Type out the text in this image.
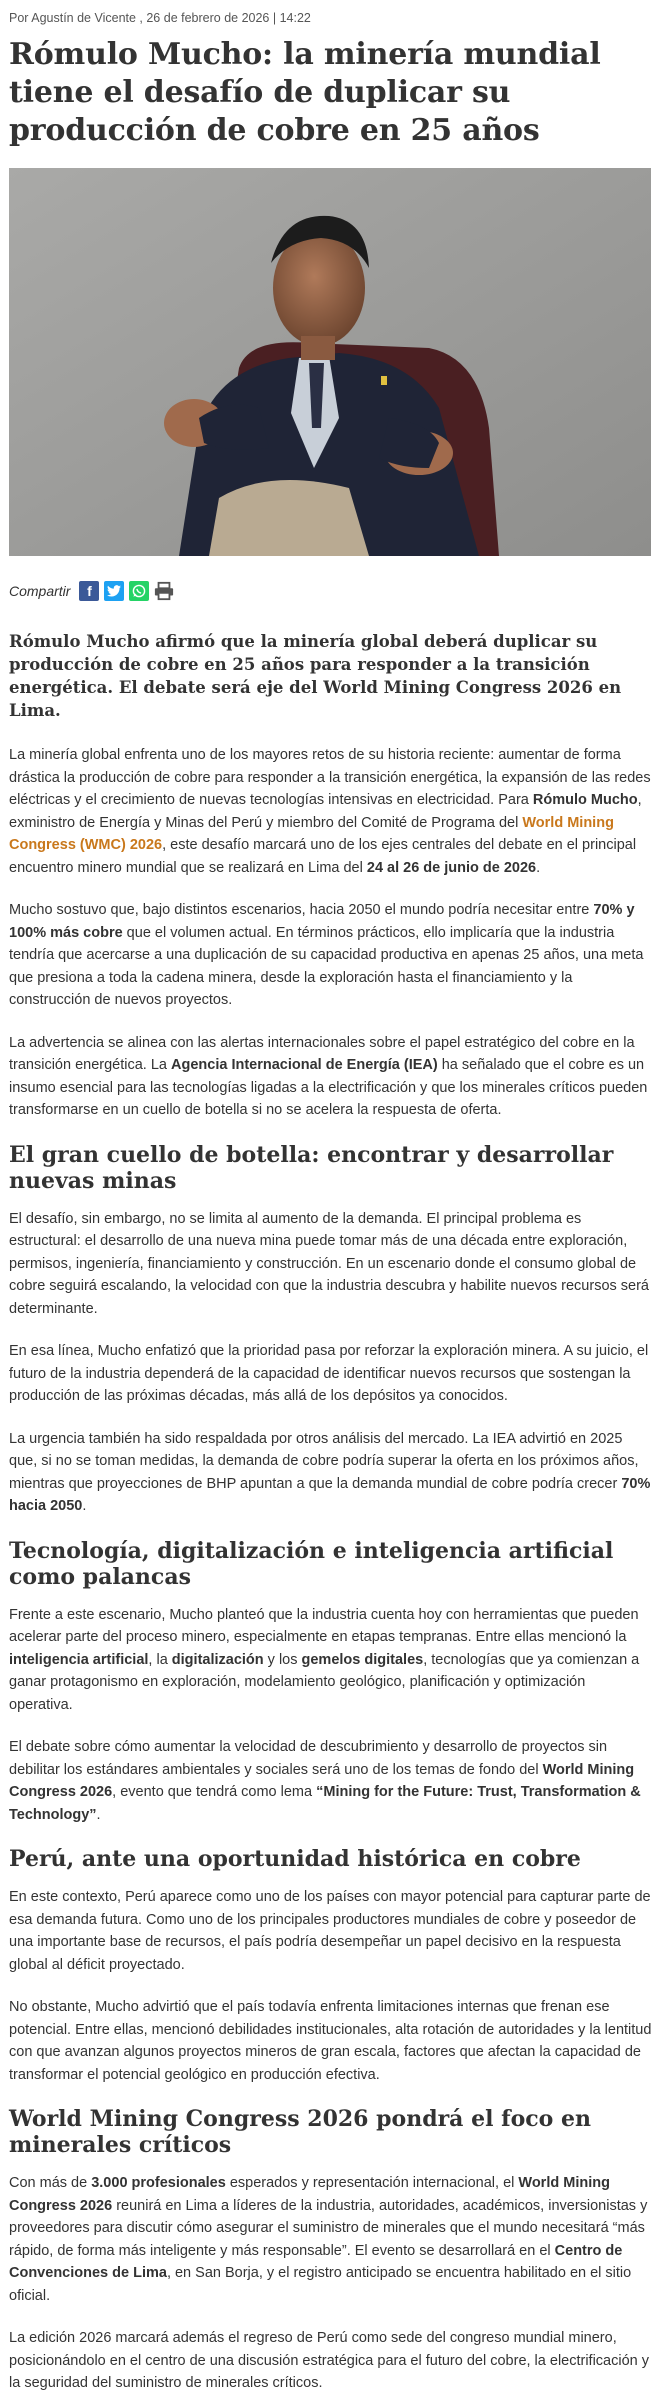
Por Agustín de Vicente , 26 de febrero de 2026 | 14:22
Rómulo Mucho: la minería mundial tiene el desafío de duplicar su producción de cobre en 25 años
Compartir	f

Rómulo Mucho afirmó que la minería global deberá duplicar su producción de cobre en 25 años para responder a la transición energética. El debate será eje del World Mining Congress 2026 en Lima.

La minería global enfrenta uno de los mayores retos de su historia reciente: aumentar de forma drástica la producción de cobre para responder a la transición energética, la expansión de las redes eléctricas y el crecimiento de nuevas tecnologías intensivas en electricidad. Para Rómulo Mucho, exministro de Energía y Minas del Perú y miembro del Comité de Programa del World Mining Congress (WMC) 2026, este desafío marcará uno de los ejes centrales del debate en el principal encuentro minero mundial que se realizará en Lima del 24 al 26 de junio de 2026.

Mucho sostuvo que, bajo distintos escenarios, hacia 2050 el mundo podría necesitar entre 70% y 100% más cobre que el volumen actual. En términos prácticos, ello implicaría que la industria tendría que acercarse a una duplicación de su capacidad productiva en apenas 25 años, una meta que presiona a toda la cadena minera, desde la exploración hasta el financiamiento y la construcción de nuevos proyectos.

La advertencia se alinea con las alertas internacionales sobre el papel estratégico del cobre en la transición energética. La Agencia Internacional de Energía (IEA) ha señalado que el cobre es un insumo esencial para las tecnologías ligadas a la electrificación y que los minerales críticos pueden transformarse en un cuello de botella si no se acelera la respuesta de oferta.

El gran cuello de botella: encontrar y desarrollar nuevas minas

El desafío, sin embargo, no se limita al aumento de la demanda. El principal problema es estructural: el desarrollo de una nueva mina puede tomar más de una década entre exploración, permisos, ingeniería, financiamiento y construcción. En un escenario donde el consumo global de cobre seguirá escalando, la velocidad con que la industria descubra y habilite nuevos recursos será determinante.

En esa línea, Mucho enfatizó que la prioridad pasa por reforzar la exploración minera. A su juicio, el futuro de la industria dependerá de la capacidad de identificar nuevos recursos que sostengan la producción de las próximas décadas, más allá de los depósitos ya conocidos.

La urgencia también ha sido respaldada por otros análisis del mercado. La IEA advirtió en 2025 que, si no se toman medidas, la demanda de cobre podría superar la oferta en los próximos años, mientras que proyecciones de BHP apuntan a que la demanda mundial de cobre podría crecer 70% hacia 2050.

Tecnología, digitalización e inteligencia artificial como palancas

Frente a este escenario, Mucho planteó que la industria cuenta hoy con herramientas que pueden acelerar parte del proceso minero, especialmente en etapas tempranas. Entre ellas mencionó la inteligencia artificial, la digitalización y los gemelos digitales, tecnologías que ya comienzan a ganar protagonismo en exploración, modelamiento geológico, planificación y optimización operativa.

El debate sobre cómo aumentar la velocidad de descubrimiento y desarrollo de proyectos sin debilitar los estándares ambientales y sociales será uno de los temas de fondo del World Mining Congress 2026, evento que tendrá como lema “Mining for the Future: Trust, Transformation & Technology”.

Perú, ante una oportunidad histórica en cobre

En este contexto, Perú aparece como uno de los países con mayor potencial para capturar parte de esa demanda futura. Como uno de los principales productores mundiales de cobre y poseedor de una importante base de recursos, el país podría desempeñar un papel decisivo en la respuesta global al déficit proyectado.

No obstante, Mucho advirtió que el país todavía enfrenta limitaciones internas que frenan ese potencial. Entre ellas, mencionó debilidades institucionales, alta rotación de autoridades y la lentitud con que avanzan algunos proyectos mineros de gran escala, factores que afectan la capacidad de transformar el potencial geológico en producción efectiva.

World Mining Congress 2026 pondrá el foco en minerales críticos

Con más de 3.000 profesionales esperados y representación internacional, el World Mining Congress 2026 reunirá en Lima a líderes de la industria, autoridades, académicos, inversionistas y proveedores para discutir cómo asegurar el suministro de minerales que el mundo necesitará “más rápido, de forma más inteligente y más responsable”. El evento se desarrollará en el Centro de Convenciones de Lima, en San Borja, y el registro anticipado se encuentra habilitado en el sitio oficial.

La edición 2026 marcará además el regreso de Perú como sede del congreso mundial minero, posicionándolo en el centro de una discusión estratégica para el futuro del cobre, la electrificación y la seguridad del suministro de minerales críticos.
